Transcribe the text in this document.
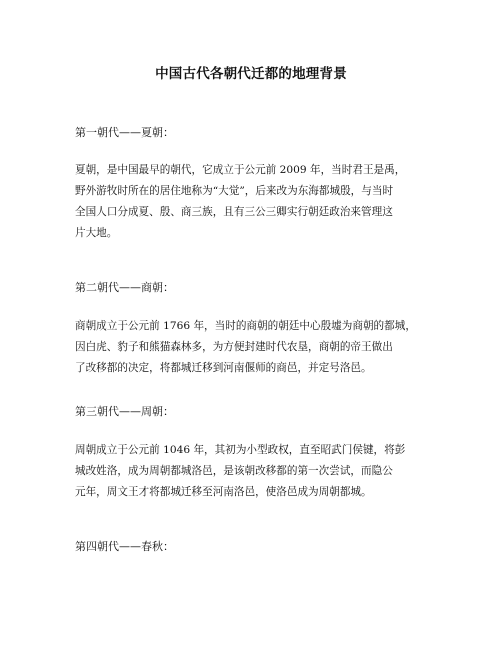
中国古代各朝代迁都的地理背景
第一朝代——夏朝：
夏朝，是中国最早的朝代，它成立于公元前 2009 年，当时君王是禹，
野外游牧时所在的居住地称为“大觉”，后来改为东海都城殷，与当时
全国人口分成夏、殷、商三族，且有三公三卿实行朝廷政治来管理这
片大地。
第二朝代——商朝：
商朝成立于公元前 1766 年，当时的商朝的朝廷中心殷墟为商朝的都城，
因白虎、豹子和熊猫森林多，为方便封建时代农垦，商朝的帝王做出
了改移都的决定，将都城迁移到河南偃师的商邑，并定号洛邑。
第三朝代——周朝：
周朝成立于公元前 1046 年，其初为小型政权，直至昭武门侯键，将彭
城改姓洛，成为周朝都城洛邑，是该朝改移都的第一次尝试，而隐公
元年，周文王才将都城迁移至河南洛邑，使洛邑成为周朝都城。
第四朝代——春秋：
